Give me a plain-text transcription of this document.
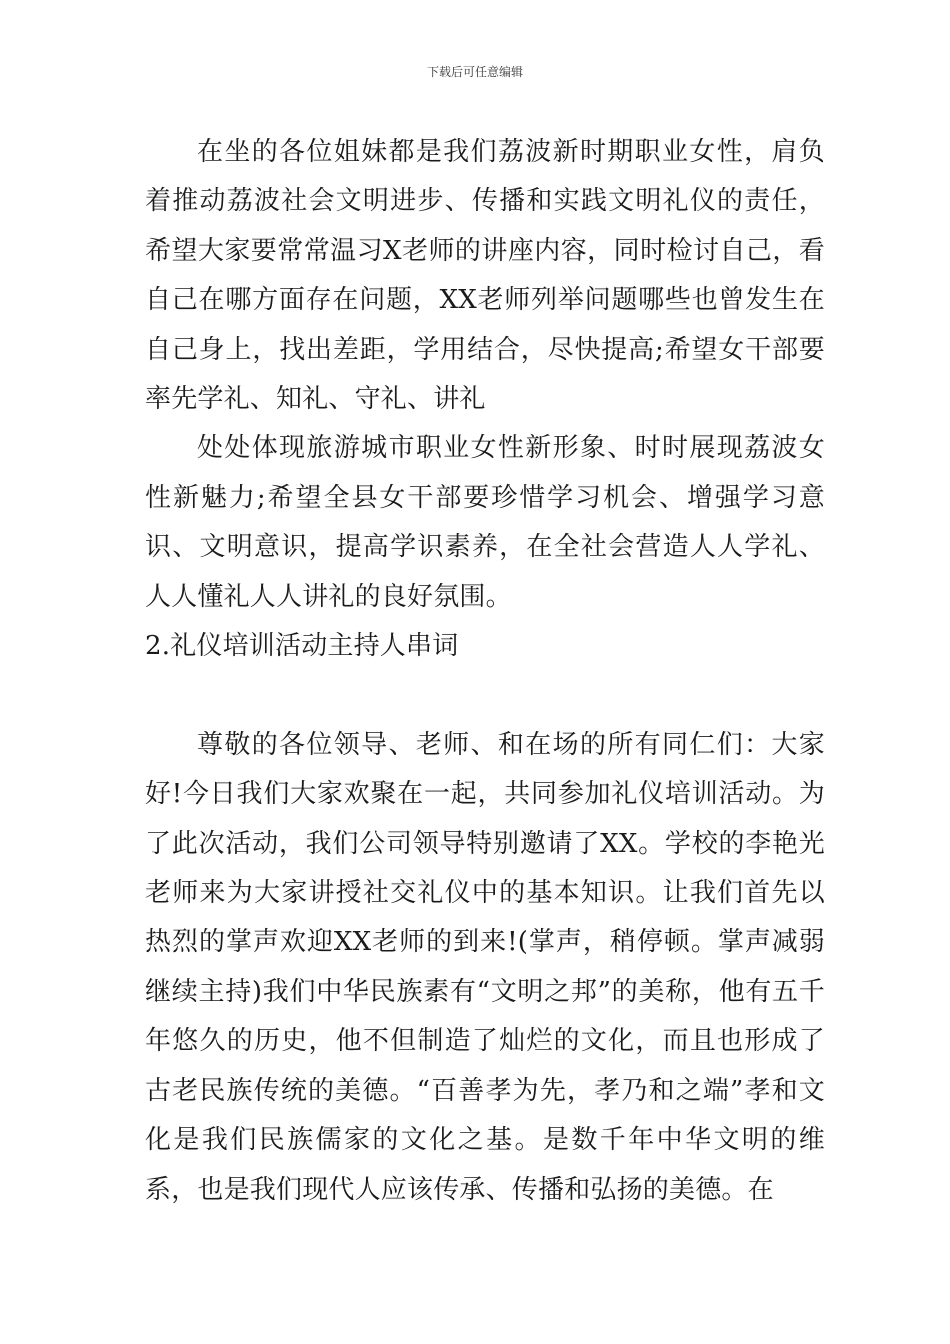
下载后可任意编辑

在坐的各位姐妹都是我们荔波新时期职业女性，肩负着推动荔波社会文明进步、传播和实践文明礼仪的责任，希望大家要常常温习X老师的讲座内容，同时检讨自己，看自己在哪方面存在问题，XX老师列举问题哪些也曾发生在自己身上，找出差距，学用结合，尽快提高;希望女干部要率先学礼、知礼、守礼、讲礼

处处体现旅游城市职业女性新形象、时时展现荔波女性新魅力;希望全县女干部要珍惜学习机会、增强学习意识、文明意识，提高学识素养，在全社会营造人人学礼、人人懂礼人人讲礼的良好氛围。

2.礼仪培训活动主持人串词

尊敬的各位领导、老师、和在场的所有同仁们：大家好!今日我们大家欢聚在一起，共同参加礼仪培训活动。为了此次活动，我们公司领导特别邀请了XX。学校的李艳光老师来为大家讲授社交礼仪中的基本知识。让我们首先以热烈的掌声欢迎XX老师的到来!(掌声，稍停顿。掌声减弱继续主持)我们中华民族素有“文明之邦”的美称，他有五千年悠久的历史，他不但制造了灿烂的文化，而且也形成了古老民族传统的美德。“百善孝为先，孝乃和之端”孝和文化是我们民族儒家的文化之基。是数千年中华文明的维系，也是我们现代人应该传承、传播和弘扬的美德。在
